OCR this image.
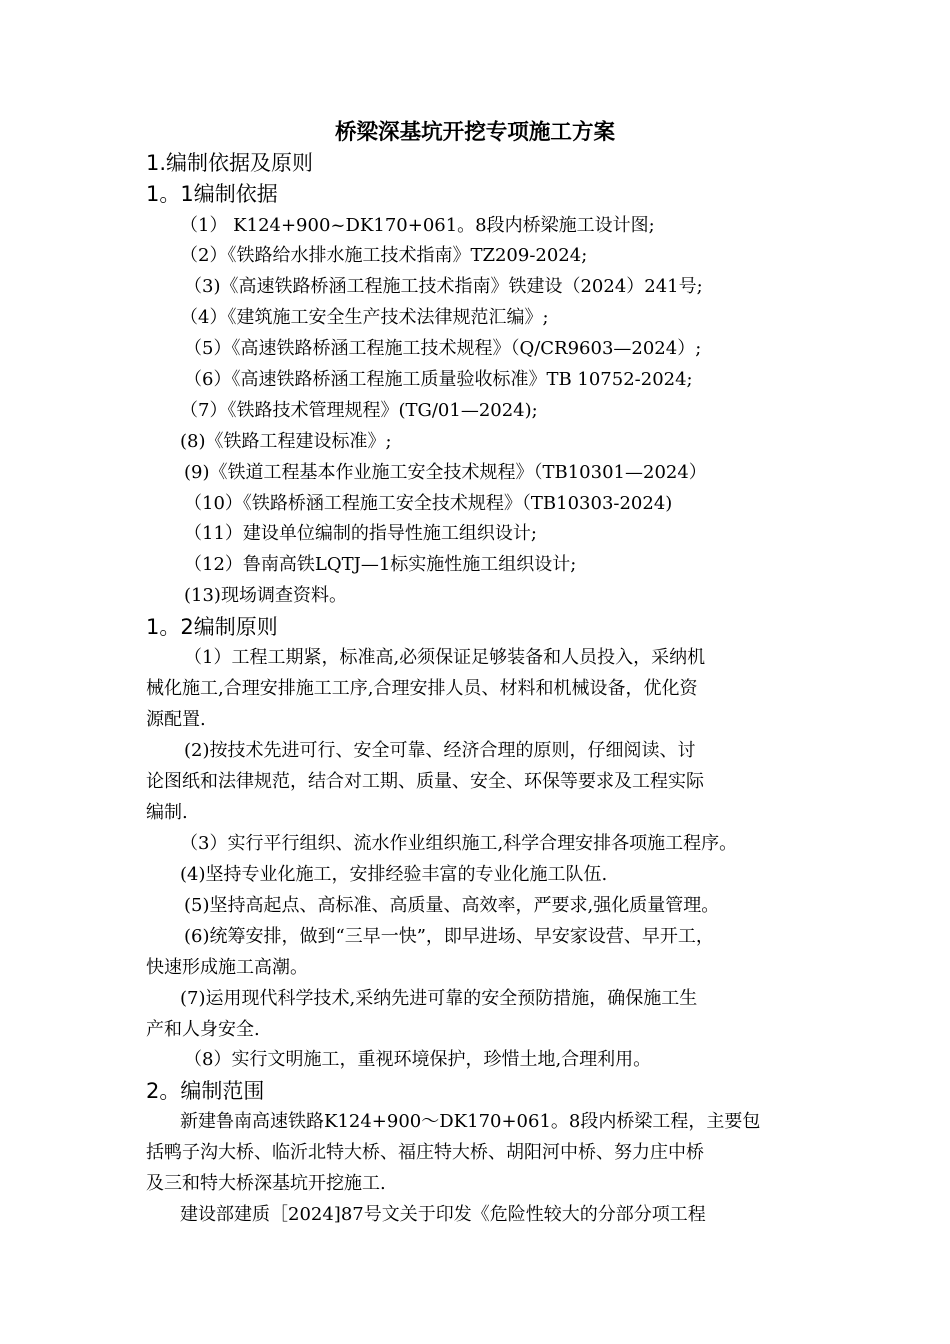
桥梁深基坑开挖专项施工方案
1.编制依据及原则
1。1编制依据
（1） K124+900~DK170+061。8段内桥梁施工设计图;
（2）《铁路给水排水施工技术指南》TZ209-2024;
（3)《高速铁路桥涵工程施工技术指南》铁建设（2024）241号;
（4）《建筑施工安全生产技术法律规范汇编》;
（5）《高速铁路桥涵工程施工技术规程》（Q/CR9603—2024）;
（6）《高速铁路桥涵工程施工质量验收标准》TB 10752-2024;
（7）《铁路技术管理规程》(TG/01—2024);
(8)《铁路工程建设标准》;
(9)《铁道工程基本作业施工安全技术规程》（TB10301—2024）
（10）《铁路桥涵工程施工安全技术规程》（TB10303-2024)
（11）建设单位编制的指导性施工组织设计;
（12）鲁南高铁LQTJ—1标实施性施工组织设计;
(13)现场调查资料。
1。2编制原则
（1）工程工期紧，标准高,必须保证足够装备和人员投入，采纳机
械化施工,合理安排施工工序,合理安排人员、材料和机械设备，优化资
源配置.
(2)按技术先进可行、安全可靠、经济合理的原则，仔细阅读、讨
论图纸和法律规范，结合对工期、质量、安全、环保等要求及工程实际
编制.
（3）实行平行组织、流水作业组织施工,科学合理安排各项施工程序。
(4)坚持专业化施工，安排经验丰富的专业化施工队伍.
(5)坚持高起点、高标准、高质量、高效率，严要求,强化质量管理。
(6)统筹安排，做到“三早一快”，即早进场、早安家设营、早开工，
快速形成施工高潮。
(7)运用现代科学技术,采纳先进可靠的安全预防措施，确保施工生
产和人身安全.
（8）实行文明施工，重视环境保护，珍惜土地,合理利用。
2。编制范围
新建鲁南高速铁路K124+900～DK170+061。8段内桥梁工程，主要包
括鸭子沟大桥、临沂北特大桥、福庄特大桥、胡阳河中桥、努力庄中桥
及三和特大桥深基坑开挖施工.
建设部建质［2024]87号文关于印发《危险性较大的分部分项工程
